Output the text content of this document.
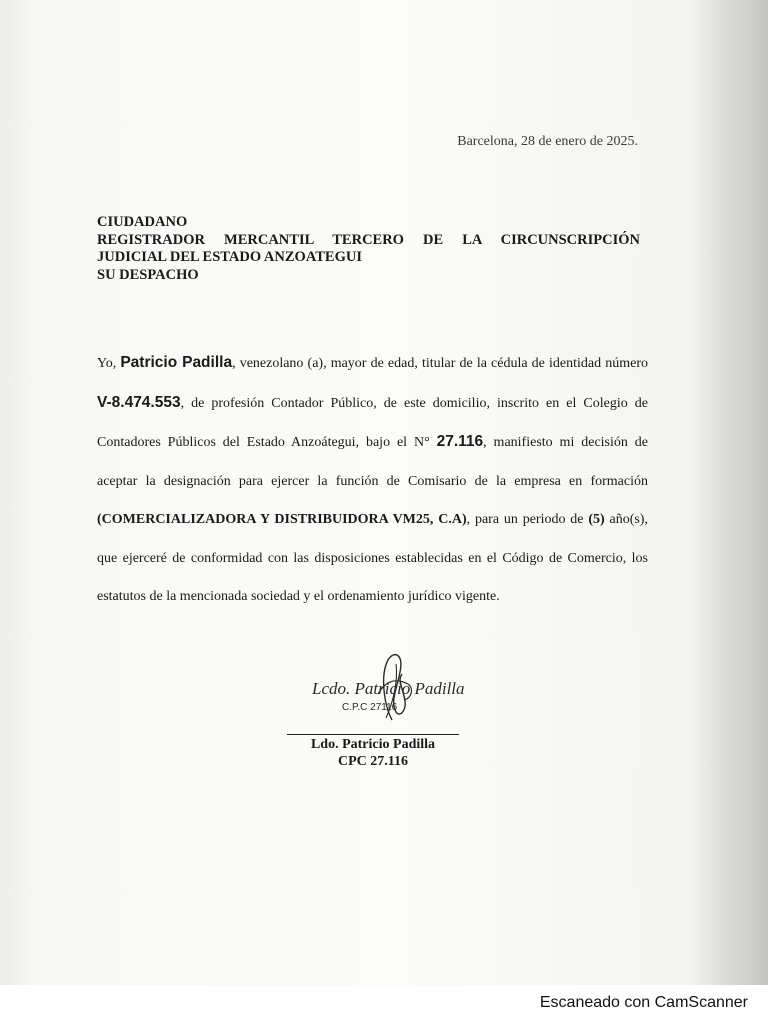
Barcelona, 28 de enero de 2025.
CIUDADANO
REGISTRADOR MERCANTIL TERCERO DE LA CIRCUNSCRIPCIÓN
JUDICIAL DEL ESTADO ANZOATEGUI
SU DESPACHO
Yo, Patricio Padilla, venezolano (a), mayor de edad, titular de la cédula de identidad número V-8.474.553, de profesión Contador Público, de este domicilio, inscrito en el Colegio de Contadores Públicos del Estado Anzoátegui, bajo el N° 27.116, manifiesto mi decisión de aceptar la designación para ejercer la función de Comisario de la empresa en formación (COMERCIALIZADORA Y DISTRIBUIDORA VM25, C.A), para un periodo de (5) año(s), que ejerceré de conformidad con las disposiciones establecidas en el Código de Comercio, los estatutos de la mencionada sociedad y el ordenamiento jurídico vigente.
Lcdo. Patricio Padilla
C.P.C 27116
Ldo. Patricio Padilla
CPC 27.116
Escaneado con CamScanner
